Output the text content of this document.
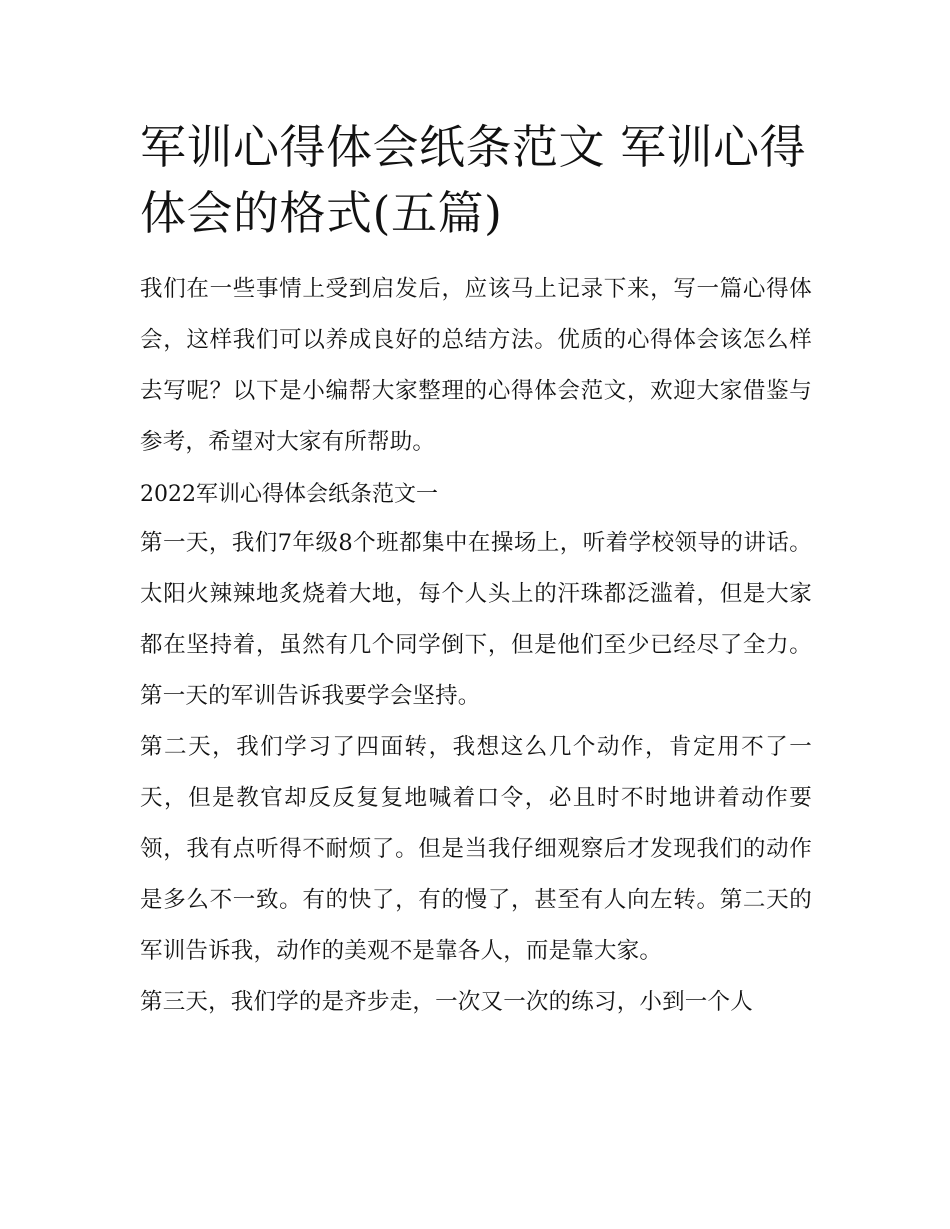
军训心得体会纸条范文 军训心得体会的格式(五篇)

我们在一些事情上受到启发后，应该马上记录下来，写一篇心得体会，这样我们可以养成良好的总结方法。优质的心得体会该怎么样去写呢？以下是小编帮大家整理的心得体会范文，欢迎大家借鉴与参考，希望对大家有所帮助。

2022军训心得体会纸条范文一

第一天，我们7年级8个班都集中在操场上，听着学校领导的讲话。太阳火辣辣地炙烧着大地，每个人头上的汗珠都泛滥着，但是大家都在坚持着，虽然有几个同学倒下，但是他们至少已经尽了全力。第一天的军训告诉我要学会坚持。

第二天，我们学习了四面转，我想这么几个动作，肯定用不了一天，但是教官却反反复复地喊着口令，必且时不时地讲着动作要领，我有点听得不耐烦了。但是当我仔细观察后才发现我们的动作是多么不一致。有的快了，有的慢了，甚至有人向左转。第二天的军训告诉我，动作的美观不是靠各人，而是靠大家。

第三天，我们学的是齐步走，一次又一次的练习，小到一个人
